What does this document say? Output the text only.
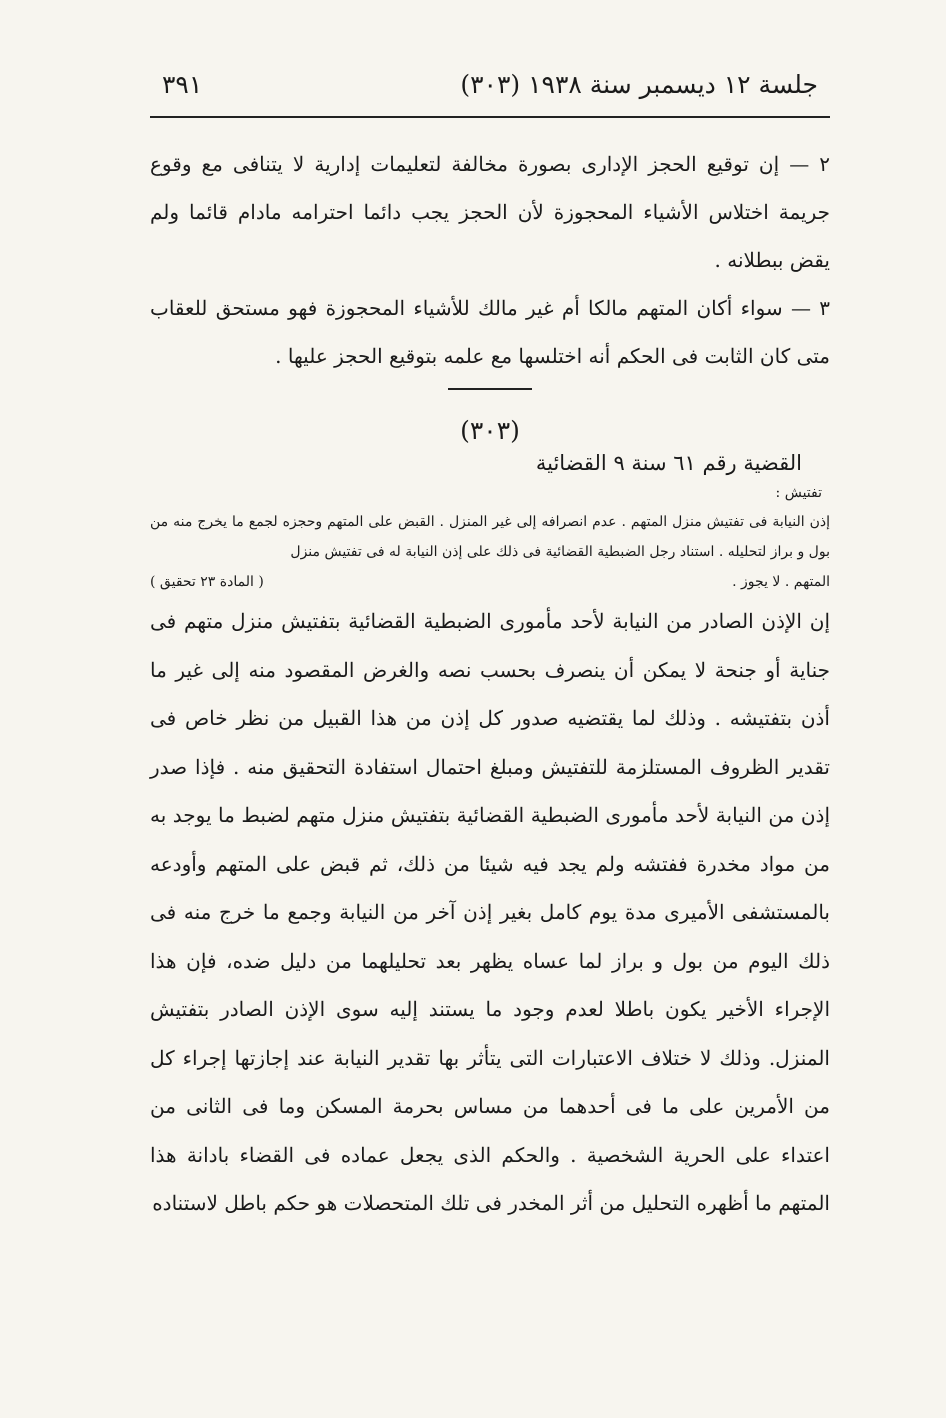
جلسة ١٢ ديسمبر سنة ١٩٣٨ (٣٠٣)
٣٩١

٢ — إن توقيع الحجز الإدارى بصورة مخالفة لتعليمات إدارية لا يتنافى مع وقوع جريمة اختلاس الأشياء المحجوزة لأن الحجز يجب دائما احترامه مادام قائما ولم يقض ببطلانه .

٣ — سواء أكان المتهم مالكا أم غير مالك للأشياء المحجوزة فهو مستحق للعقاب متى كان الثابت فى الحكم أنه اختلسها مع علمه بتوقيع الحجز عليها .

(٣٠٣)
القضية رقم ٦١ سنة ٩ القضائية
تفتيش :

إذن النيابة فى تفتيش منزل المتهم . عدم انصرافه إلى غير المنزل . القبض على المتهم وحجزه لجمع ما يخرج منه من بول و براز لتحليله . استناد رجل الضبطية القضائية فى ذلك على إذن النيابة له فى تفتيش منزل

المتهم . لا يجوز .
( المادة ٢٣ تحقيق )

إن الإذن الصادر من النيابة لأحد مأمورى الضبطية القضائية بتفتيش منزل متهم فى جناية أو جنحة لا يمكن أن ينصرف بحسب نصه والغرض المقصود منه إلى غير ما أذن بتفتيشه . وذلك لما يقتضيه صدور كل إذن من هذا القبيل من نظر خاص فى تقدير الظروف المستلزمة للتفتيش ومبلغ احتمال استفادة التحقيق منه . فإذا صدر إذن من النيابة لأحد مأمورى الضبطية القضائية بتفتيش منزل متهم لضبط ما يوجد به من مواد مخدرة ففتشه ولم يجد فيه شيئا من ذلك، ثم قبض على المتهم وأودعه بالمستشفى الأميرى مدة يوم كامل بغير إذن آخر من النيابة وجمع ما خرج منه فى ذلك اليوم من بول و براز لما عساه يظهر بعد تحليلهما من دليل ضده، فإن هذا الإجراء الأخير يكون باطلا لعدم وجود ما يستند إليه سوى الإذن الصادر بتفتيش المنزل. وذلك لا ختلاف الاعتبارات التى يتأثر بها تقدير النيابة عند إجازتها إجراء كل من الأمرين على ما فى أحدهما من مساس بحرمة المسكن وما فى الثانى من اعتداء على الحرية الشخصية . والحكم الذى يجعل عماده فى القضاء بادانة هذا المتهم ما أظهره التحليل من أثر المخدر فى تلك المتحصلات هو حكم باطل لاستناده
